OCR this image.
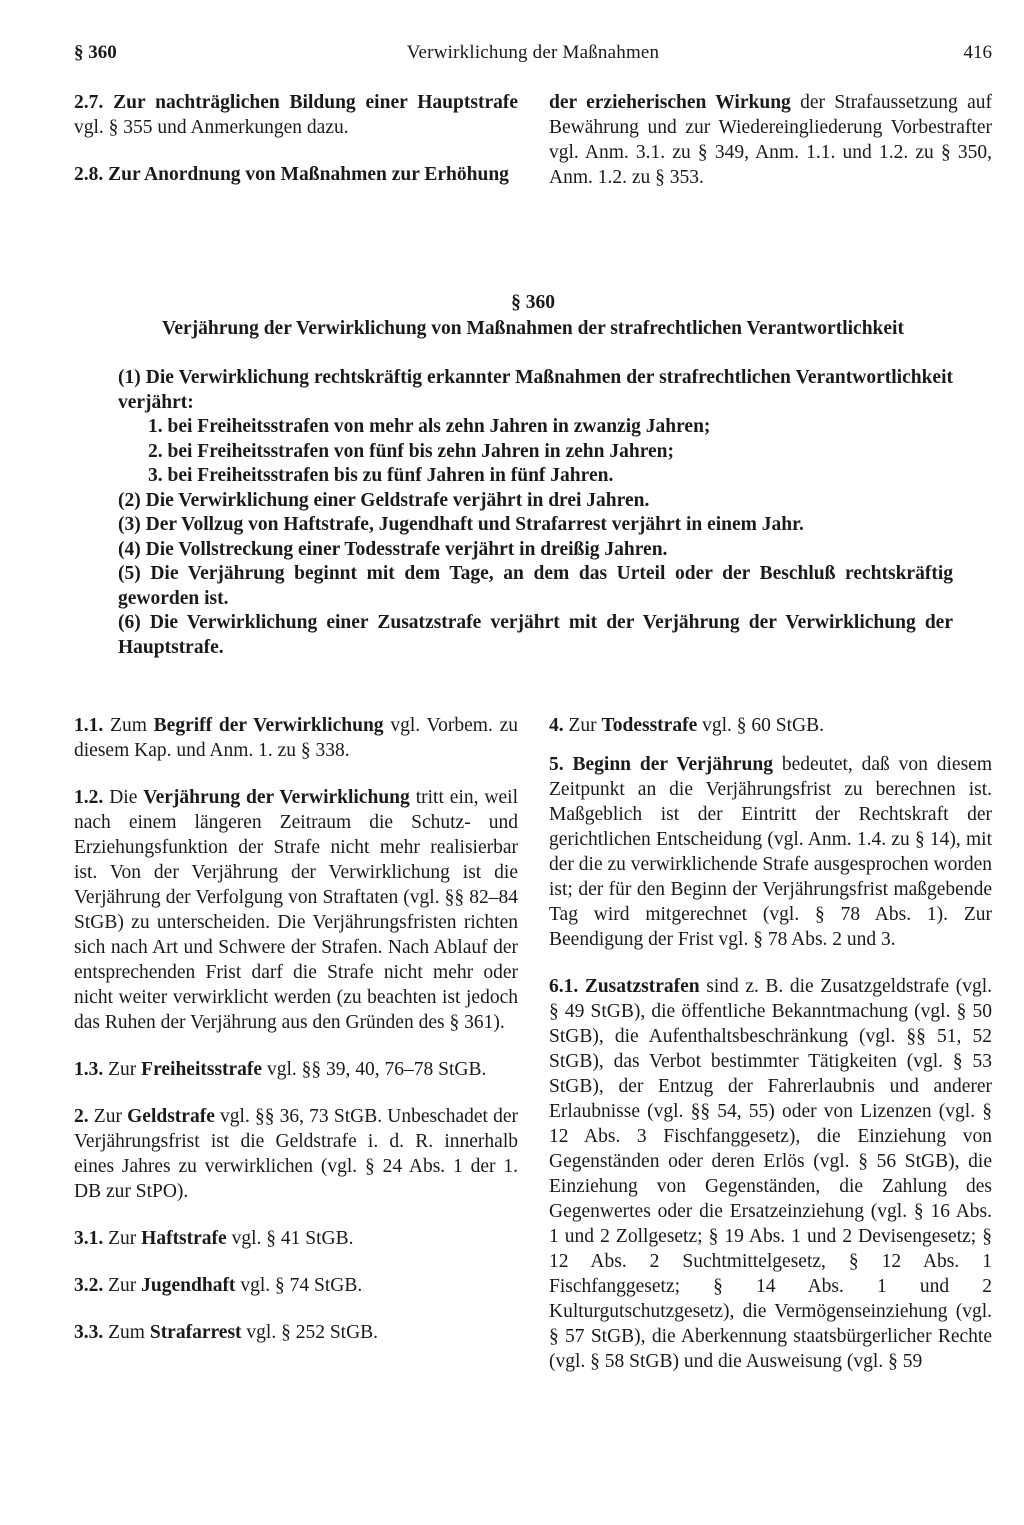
§ 360	Verwirklichung der Maßnahmen	416

2.7. Zur nachträglichen Bildung einer Hauptstrafe vgl. § 355 und Anmerkungen dazu.

2.8. Zur Anordnung von Maßnahmen zur Erhöhung

der erzieherischen Wirkung der Strafaussetzung auf Bewährung und zur Wiedereingliederung Vorbestrafter vgl. Anm. 3.1. zu § 349, Anm. 1.1. und 1.2. zu § 350, Anm. 1.2. zu § 353.

§ 360
Verjährung der Verwirklichung von Maßnahmen der strafrechtlichen Verantwortlichkeit

(1) Die Verwirklichung rechtskräftig erkannter Maßnahmen der strafrechtlichen Verantwortlichkeit verjährt:

1. bei Freiheitsstrafen von mehr als zehn Jahren in zwanzig Jahren;

2. bei Freiheitsstrafen von fünf bis zehn Jahren in zehn Jahren;

3. bei Freiheitsstrafen bis zu fünf Jahren in fünf Jahren.

(2) Die Verwirklichung einer Geldstrafe verjährt in drei Jahren.

(3) Der Vollzug von Haftstrafe, Jugendhaft und Strafarrest verjährt in einem Jahr.

(4) Die Vollstreckung einer Todesstrafe verjährt in dreißig Jahren.

(5) Die Verjährung beginnt mit dem Tage, an dem das Urteil oder der Beschluß rechtskräftig geworden ist.

(6) Die Verwirklichung einer Zusatzstrafe verjährt mit der Verjährung der Verwirklichung der Hauptstrafe.

1.1. Zum Begriff der Verwirklichung vgl. Vorbem. zu diesem Kap. und Anm. 1. zu § 338.

1.2. Die Verjährung der Verwirklichung tritt ein, weil nach einem längeren Zeitraum die Schutz- und Erziehungsfunktion der Strafe nicht mehr realisierbar ist. Von der Verjährung der Verwirklichung ist die Verjährung der Verfolgung von Straftaten (vgl. §§ 82–84 StGB) zu unterscheiden. Die Verjährungsfristen richten sich nach Art und Schwere der Strafen. Nach Ablauf der entsprechenden Frist darf die Strafe nicht mehr oder nicht weiter verwirklicht werden (zu beachten ist jedoch das Ruhen der Verjährung aus den Gründen des § 361).

1.3. Zur Freiheitsstrafe vgl. §§ 39, 40, 76–78 StGB.

2. Zur Geldstrafe vgl. §§ 36, 73 StGB. Unbeschadet der Verjährungsfrist ist die Geldstrafe i. d. R. innerhalb eines Jahres zu verwirklichen (vgl. § 24 Abs. 1 der 1. DB zur StPO).

3.1. Zur Haftstrafe vgl. § 41 StGB.

3.2. Zur Jugendhaft vgl. § 74 StGB.

3.3. Zum Strafarrest vgl. § 252 StGB.

4. Zur Todesstrafe vgl. § 60 StGB.

5. Beginn der Verjährung bedeutet, daß von diesem Zeitpunkt an die Verjährungsfrist zu berechnen ist. Maßgeblich ist der Eintritt der Rechtskraft der gerichtlichen Entscheidung (vgl. Anm. 1.4. zu § 14), mit der die zu verwirklichende Strafe ausgesprochen worden ist; der für den Beginn der Verjährungsfrist maßgebende Tag wird mitgerechnet (vgl. § 78 Abs. 1). Zur Beendigung der Frist vgl. § 78 Abs. 2 und 3.

6.1. Zusatzstrafen sind z. B. die Zusatzgeldstrafe (vgl. § 49 StGB), die öffentliche Bekanntmachung (vgl. § 50 StGB), die Aufenthaltsbeschränkung (vgl. §§ 51, 52 StGB), das Verbot bestimmter Tätigkeiten (vgl. § 53 StGB), der Entzug der Fahrerlaubnis und anderer Erlaubnisse (vgl. §§ 54, 55) oder von Lizenzen (vgl. § 12 Abs. 3 Fischfanggesetz), die Einziehung von Gegenständen oder deren Erlös (vgl. § 56 StGB), die Einziehung von Gegenständen, die Zahlung des Gegenwertes oder die Ersatzeinziehung (vgl. § 16 Abs. 1 und 2 Zollgesetz; § 19 Abs. 1 und 2 Devisengesetz; § 12 Abs. 2 Suchtmittelgesetz, § 12 Abs. 1 Fischfanggesetz; § 14 Abs. 1 und 2 Kulturgutschutzgesetz), die Vermögenseinziehung (vgl. § 57 StGB), die Aberkennung staatsbürgerlicher Rechte (vgl. § 58 StGB) und die Ausweisung (vgl. § 59
